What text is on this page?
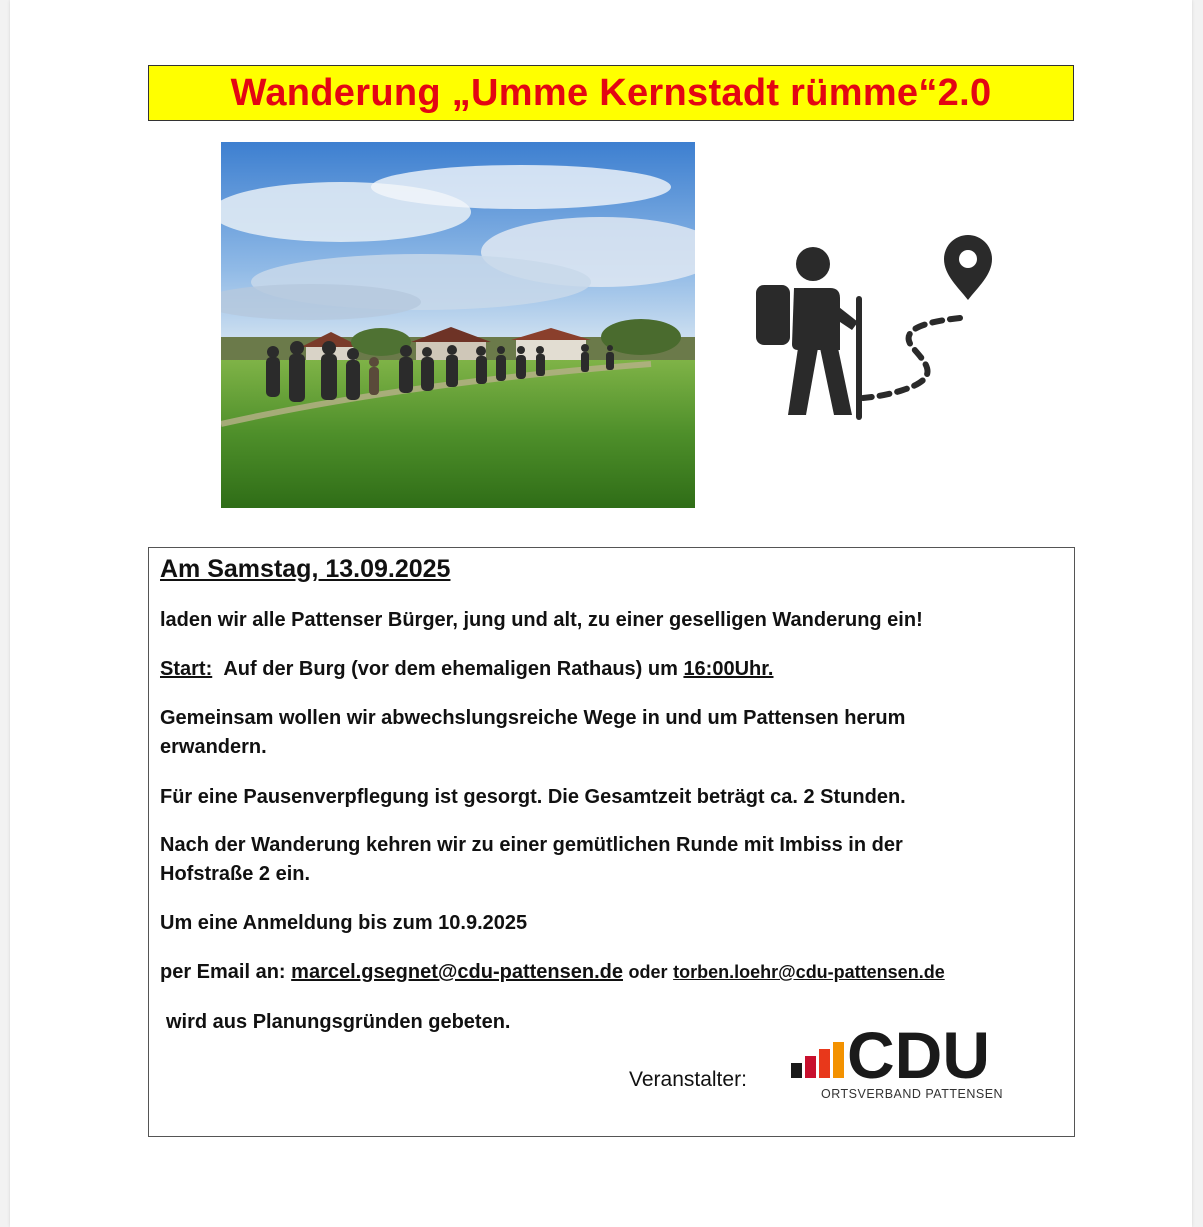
Wanderung „Umme Kernstadt rümme“2.0

Am Samstag, 13.09.2025

laden wir alle Pattenser Bürger, jung und alt, zu einer geselligen Wanderung ein!

Start: Auf der Burg (vor dem ehemaligen Rathaus) um 16:00Uhr.

Gemeinsam wollen wir abwechslungsreiche Wege in und um Pattensen herum

erwandern.

Für eine Pausenverpflegung ist gesorgt. Die Gesamtzeit beträgt ca. 2 Stunden.

Nach der Wanderung kehren wir zu einer gemütlichen Runde mit Imbiss in der

Hofstraße 2 ein.

Um eine Anmeldung bis zum 10.9.2025

per Email an: marcel.gsegnet@cdu-pattensen.de oder torben.loehr@cdu-pattensen.de

wird aus Planungsgründen gebeten.

Veranstalter: CDU
ORTSVERBAND PATTENSEN
